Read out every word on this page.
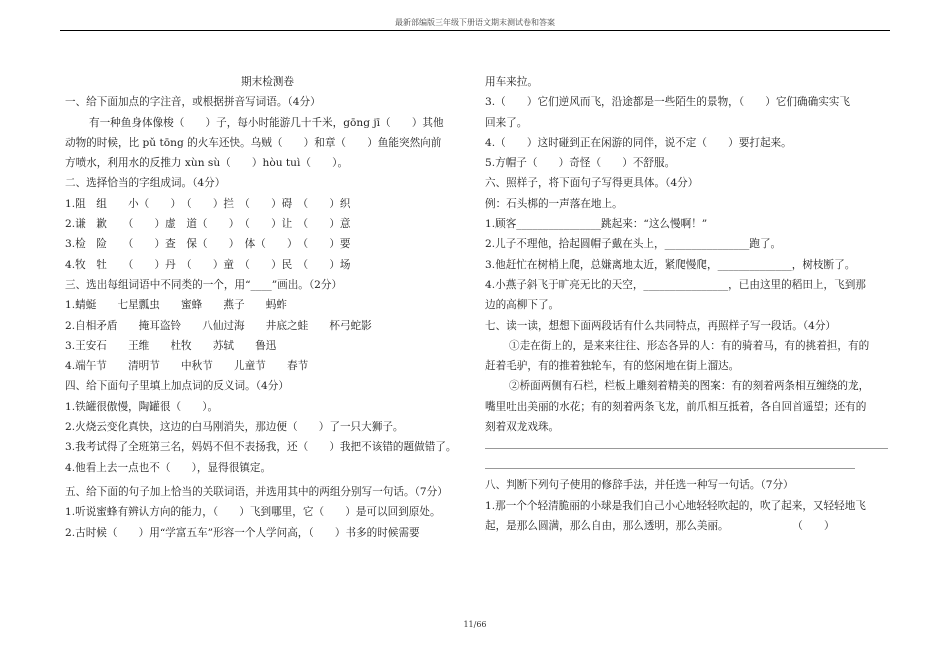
最新部编版三年级下册语文期末测试卷和答案
期末检测卷
一、给下面加点的字注音，或根据拼音写词语。（4分）
有一种鱼身体像梭（　　）子，每小时能游几十千米，gōng jī（　　）其他
动物的时候，比 pǔ tōng 的火车还快。乌贼（　　）和章（　　）鱼能突然向前
方喷水，利用水的反推力 xùn sù（　　）hòu tuì（　　）。
二、选择恰当的字组成词。（4分）
1.阻　组　　小（　　）　（　　）拦　（　　）碍　（　　）织
2.谦　歉　　（　　）虚　道（　　）　（　　）让　（　　）意
3.检　险　　（　　）查　保（　　）　体（　　）　（　　）要
4.牧　牡　　（　　）丹　（　　）童　（　　）民　（　　）场
三、选出每组词语中不同类的一个，用“____”画出。（2分）
1.蜻蜓　　七星瓢虫　　蜜蜂　　燕子　　蚂蚱
2.自相矛盾　　掩耳盗铃　　八仙过海　　井底之蛙　　杯弓蛇影
3.王安石　　王维　　杜牧　　苏轼　　鲁迅
4.端午节　　清明节　　中秋节　　儿童节　　春节
四、给下面句子里填上加点词的反义词。（4分）
1.铁罐很傲慢，陶罐很（　　）。
2.火烧云变化真快，这边的白马刚消失，那边便（　　）了一只大狮子。
3.我考试得了全班第三名，妈妈不但不表扬我，还（　　）我把不该错的题做错了。
4.他看上去一点也不（　　），显得很镇定。
五、给下面的句子加上恰当的关联词语，并选用其中的两组分别写一句话。（7分）
1.听说蜜蜂有辨认方向的能力，（　　）飞到哪里，它（　　）是可以回到原处。
2.古时候（　　）用“学富五车”形容一个人学问高，（　　）书多的时候需要
用车来拉。
3.（　　）它们逆风而飞，沿途都是一些陌生的景物，（　　）它们确确实实飞
回来了。
4.（　　）这时碰到正在闲游的同伴，说不定（　　）要打起来。
5.方帽子（　　）奇怪（　　）不舒服。
六、照样子，将下面句子写得更具体。（4分）
例：石头梆的一声落在地上。
1.顾客________________跳起来：“这么慢啊！”
2.儿子不理他，拾起圆帽子戴在头上，________________跑了。
3.他赶忙在树梢上爬，总嫌离地太近，紧爬慢爬，______________，树枝断了。
4.小燕子斜飞于旷亮无比的天空，________________，已由这里的稻田上，飞到那
边的高柳下了。
七、读一读，想想下面两段话有什么共同特点，再照样子写一段话。（4分）
①走在街上的，是来来往往、形态各异的人：有的骑着马，有的挑着担，有的
赶着毛驴，有的推着独轮车，有的悠闲地在街上溜达。
②桥面两侧有石栏，栏板上雕刻着精美的图案：有的刻着两条相互缠绕的龙，
嘴里吐出美丽的水花；有的刻着两条飞龙，前爪相互抵着，各自回首遥望；还有的
刻着双龙戏珠。
八、判断下列句子使用的修辞手法，并任选一种写一句话。（7分）
1.那一个个轻清脆丽的小球是我们自己小心地轻轻吹起的，吹了起来，又轻轻地飞
起，是那么圆满，那么自由，那么透明，那么美丽。　　　　　　　（　　）
11/66
